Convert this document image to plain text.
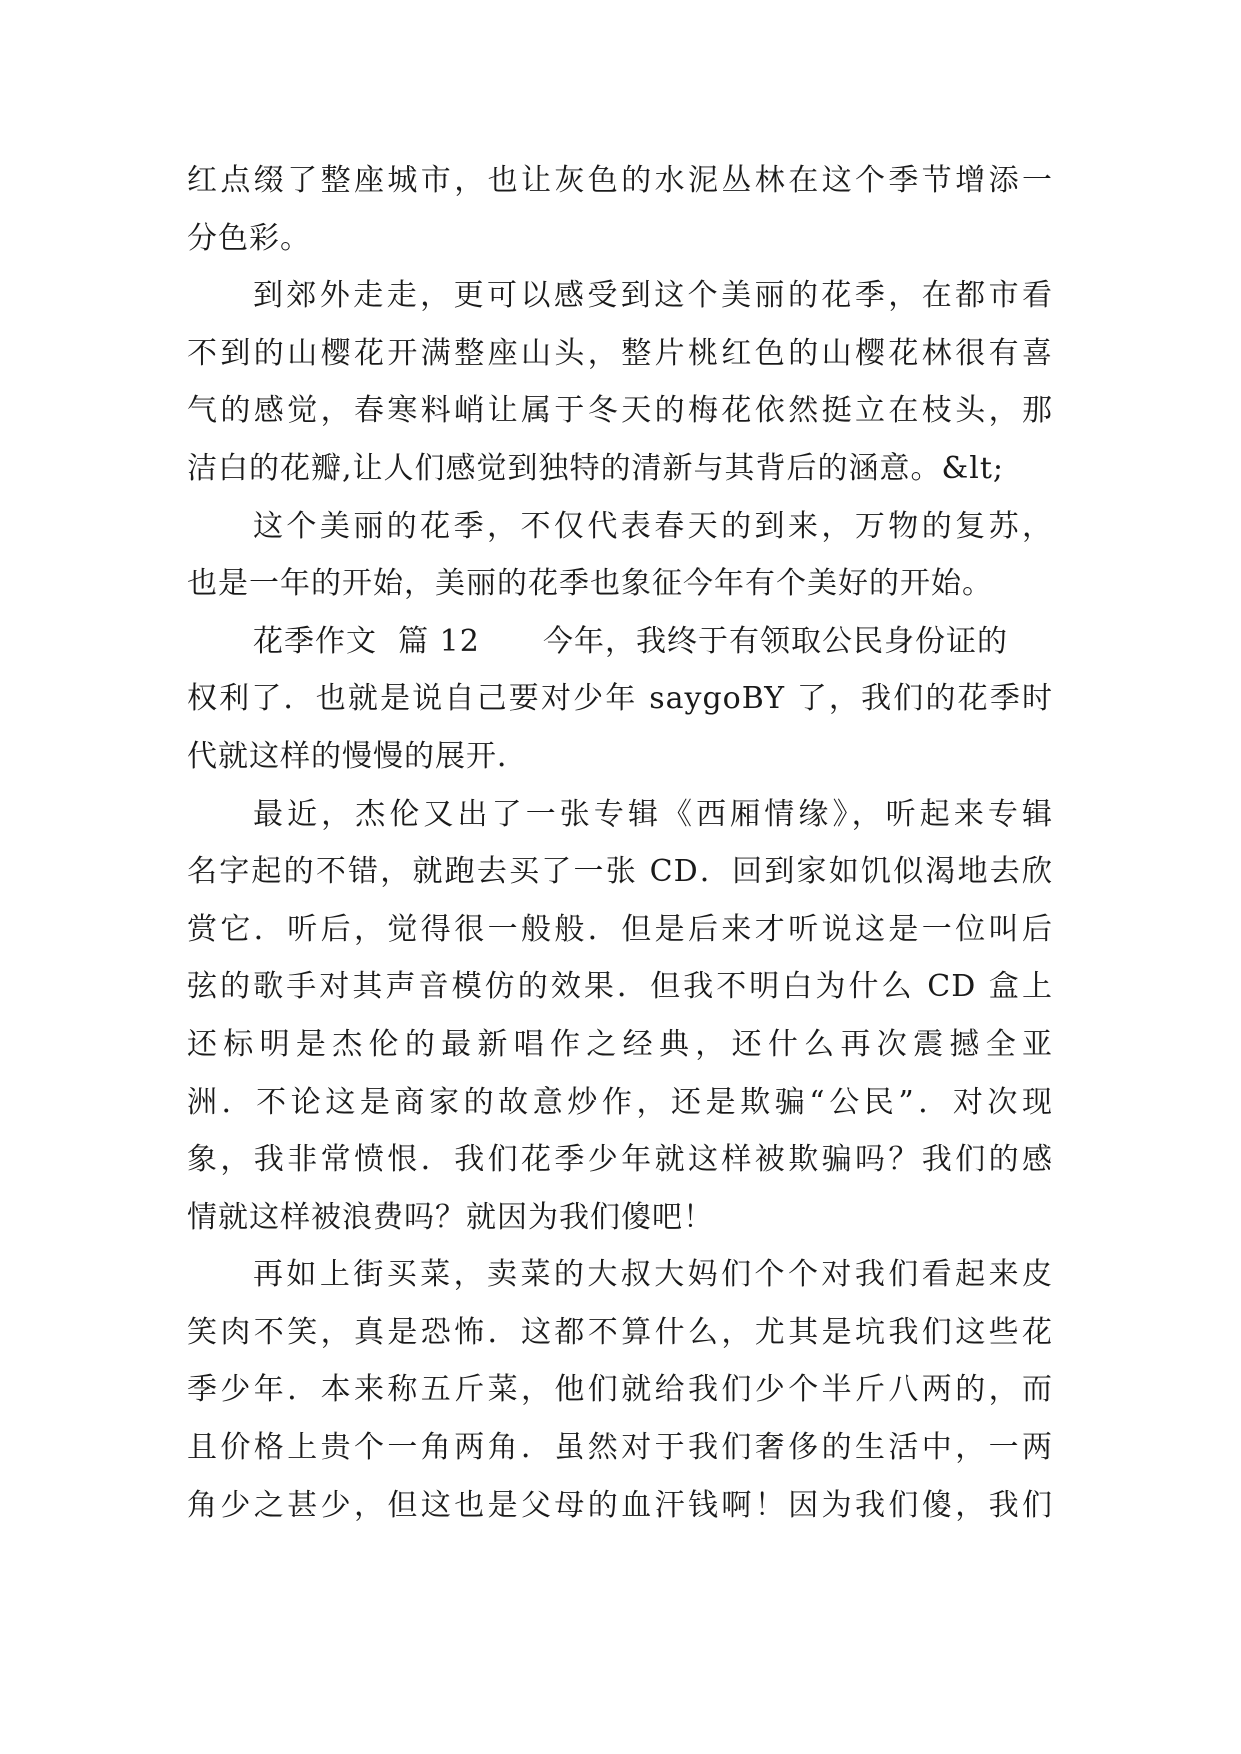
红点缀了整座城市，也让灰色的水泥丛林在这个季节增添一
分色彩。
到郊外走走，更可以感受到这个美丽的花季，在都市看
不到的山樱花开满整座山头，整片桃红色的山樱花林很有喜
气的感觉，春寒料峭让属于冬天的梅花依然挺立在枝头，那
洁白的花瓣,让人们感觉到独特的清新与其背后的涵意。&lt;
这个美丽的花季，不仅代表春天的到来，万物的复苏，
也是一年的开始，美丽的花季也象征今年有个美好的开始。
花季作文  篇 12      今年，我终于有领取公民身份证的
权利了．也就是说自己要对少年 saygoBY 了，我们的花季时
代就这样的慢慢的展开．
最近，杰伦又出了一张专辑《西厢情缘》，听起来专辑
名字起的不错，就跑去买了一张 CD．回到家如饥似渴地去欣
赏它．听后，觉得很一般般．但是后来才听说这是一位叫后
弦的歌手对其声音模仿的效果．但我不明白为什么 CD 盒上
还标明是杰伦的最新唱作之经典，还什么再次震撼全亚
洲．不论这是商家的故意炒作，还是欺骗“公民”．对次现
象，我非常愤恨．我们花季少年就这样被欺骗吗？我们的感
情就这样被浪费吗？就因为我们傻吧！
再如上街买菜，卖菜的大叔大妈们个个对我们看起来皮
笑肉不笑，真是恐怖．这都不算什么，尤其是坑我们这些花
季少年．本来称五斤菜，他们就给我们少个半斤八两的，而
且价格上贵个一角两角．虽然对于我们奢侈的生活中，一两
角少之甚少，但这也是父母的血汗钱啊！因为我们傻，我们
